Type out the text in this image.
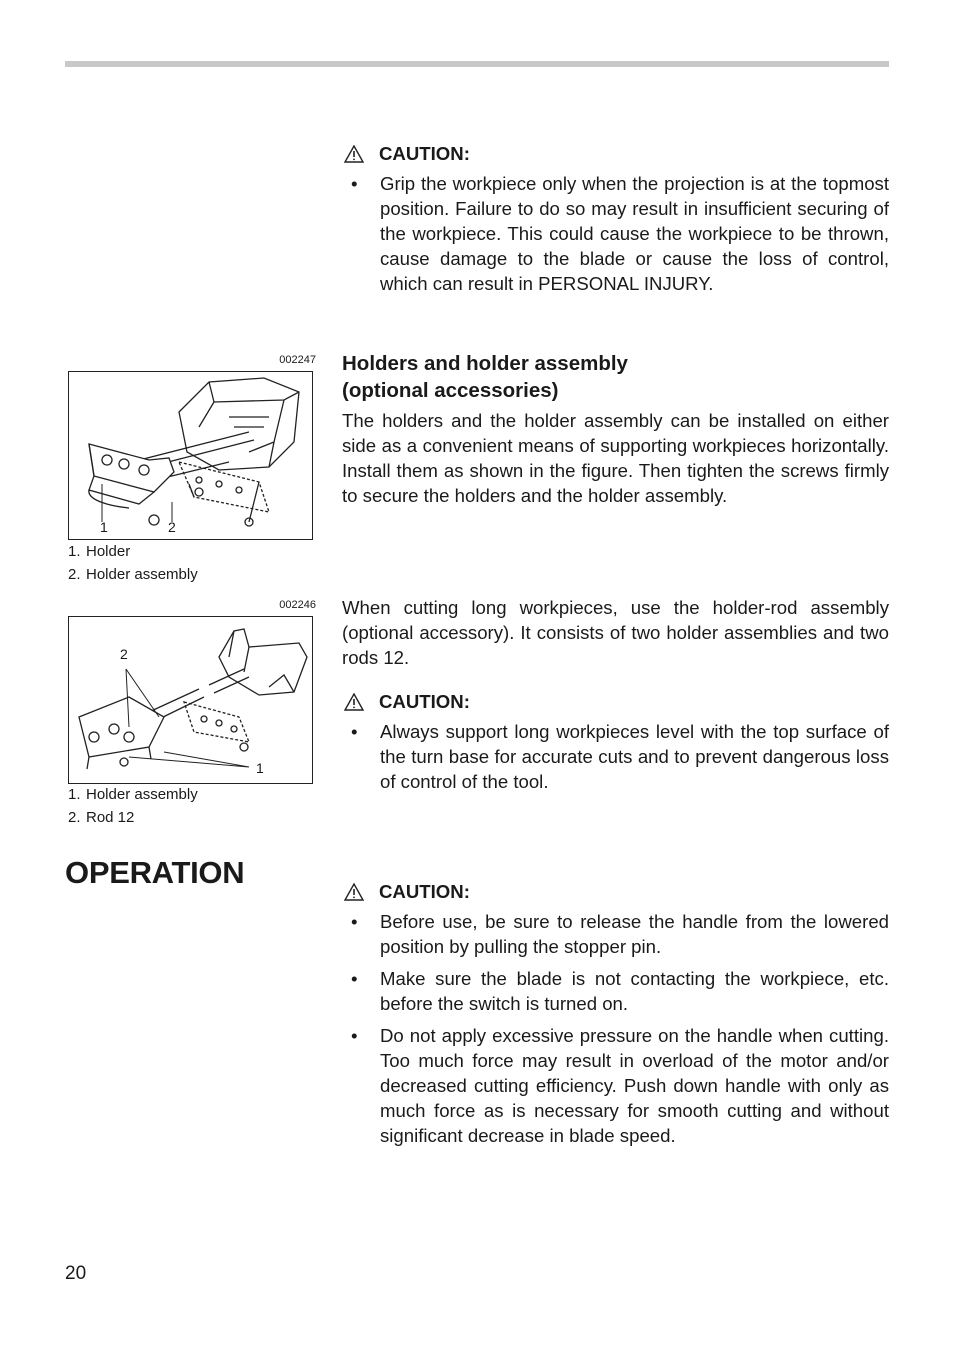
CAUTION:
• Grip the workpiece only when the projection is at the topmost position. Failure to do so may result in insufficient securing of the workpiece. This could cause the workpiece to be thrown, cause damage to the blade or cause the loss of control, which can result in PERSONAL INJURY.
Holders and holder assembly
(optional accessories)
The holders and the holder assembly can be installed on either side as a convenient means of supporting workpieces horizontally. Install them as shown in the figure. Then tighten the screws firmly to secure the holders and the holder assembly.
002247
1	2
1. Holder
2. Holder assembly
When cutting long workpieces, use the holder-rod assembly (optional accessory). It consists of two holder assemblies and two rods 12.
CAUTION:
• Always support long workpieces level with the top surface of the turn base for accurate cuts and to prevent dangerous loss of control of the tool.
002246
2
1
1. Holder assembly
2. Rod 12
OPERATION
CAUTION:
• Before use, be sure to release the handle from the lowered position by pulling the stopper pin.
• Make sure the blade is not contacting the workpiece, etc. before the switch is turned on.
• Do not apply excessive pressure on the handle when cutting. Too much force may result in overload of the motor and/or decreased cutting efficiency. Push down handle with only as much force as is necessary for smooth cutting and without significant decrease in blade speed.
20
